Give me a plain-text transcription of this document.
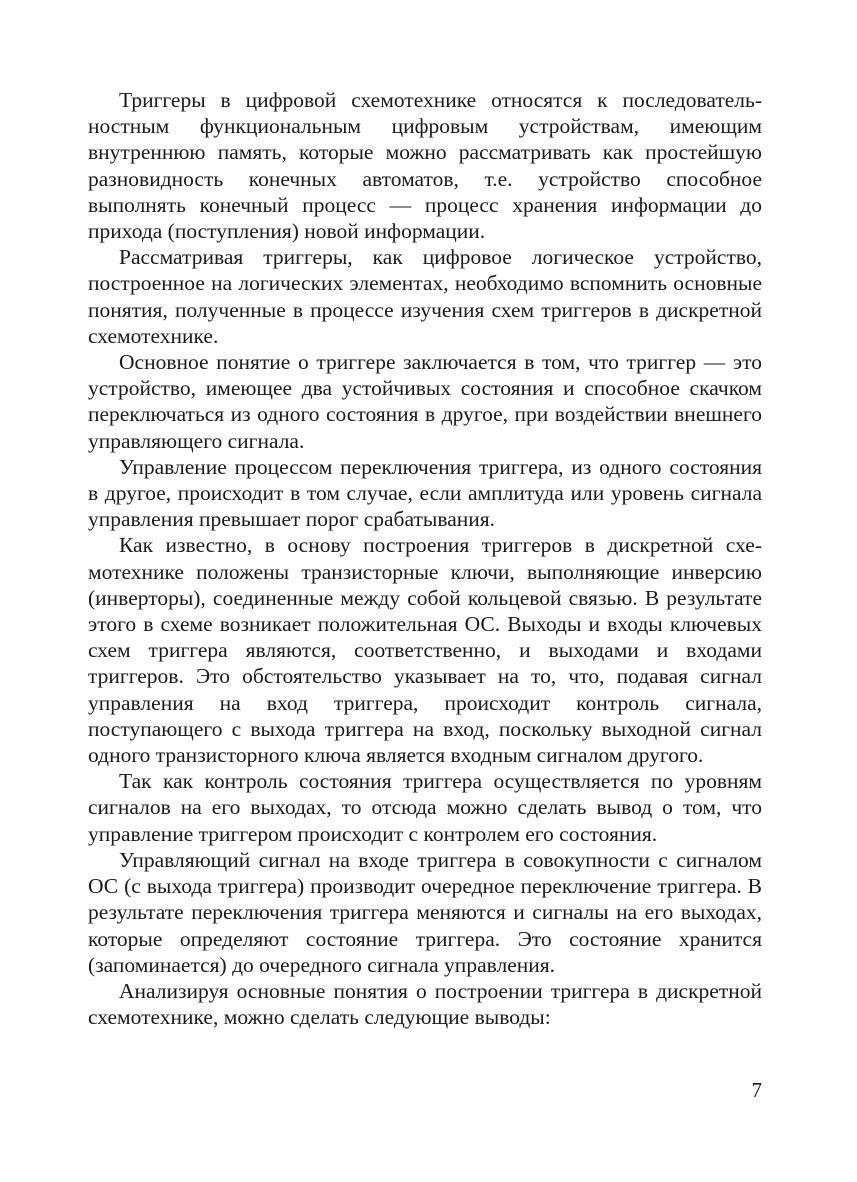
Триггеры в цифровой схемотехнике относятся к последовательностным функциональным цифровым устройствам, имеющим внутреннюю память, которые можно рассматривать как простейшую разновидность конечных автоматов, т.е. устройство способное выполнять конечный процесс — процесс хранения информации до прихода (поступления) новой информации.

Рассматривая триггеры, как цифровое логическое устройство, построенное на логических элементах, необходимо вспомнить основные понятия, полученные в процессе изучения схем триггеров в дискретной схемотехнике.

Основное понятие о триггере заключается в том, что триггер — это устройство, имеющее два устойчивых состояния и способное скачком переключаться из одного состояния в другое, при воздействии внешнего управляющего сигнала.

Управление процессом переключения триггера, из одного состояния в другое, происходит в том случае, если амплитуда или уровень сигнала управления превышает порог срабатывания.

Как известно, в основу построения триггеров в дискретной схемотехнике положены транзисторные ключи, выполняющие инверсию (инверторы), соединенные между собой кольцевой связью. В результате этого в схеме возникает положительная ОС. Выходы и входы ключевых схем триггера являются, соответственно, и выходами и входами триггеров. Это обстоятельство указывает на то, что, подавая сигнал управления на вход триггера, происходит контроль сигнала, поступающего с выхода триггера на вход, поскольку выходной сигнал одного транзисторного ключа является входным сигналом другого.

Так как контроль состояния триггера осуществляется по уровням сигналов на его выходах, то отсюда можно сделать вывод о том, что управление триггером происходит с контролем его состояния.

Управляющий сигнал на входе триггера в совокупности с сигналом ОС (с выхода триггера) производит очередное переключение триггера. В результате переключения триггера меняются и сигналы на его выходах, которые определяют состояние триггера. Это состояние хранится (запоминается) до очередного сигнала управления.

Анализируя основные понятия о построении триггера в дискретной схемотехнике, можно сделать следующие выводы:

7
